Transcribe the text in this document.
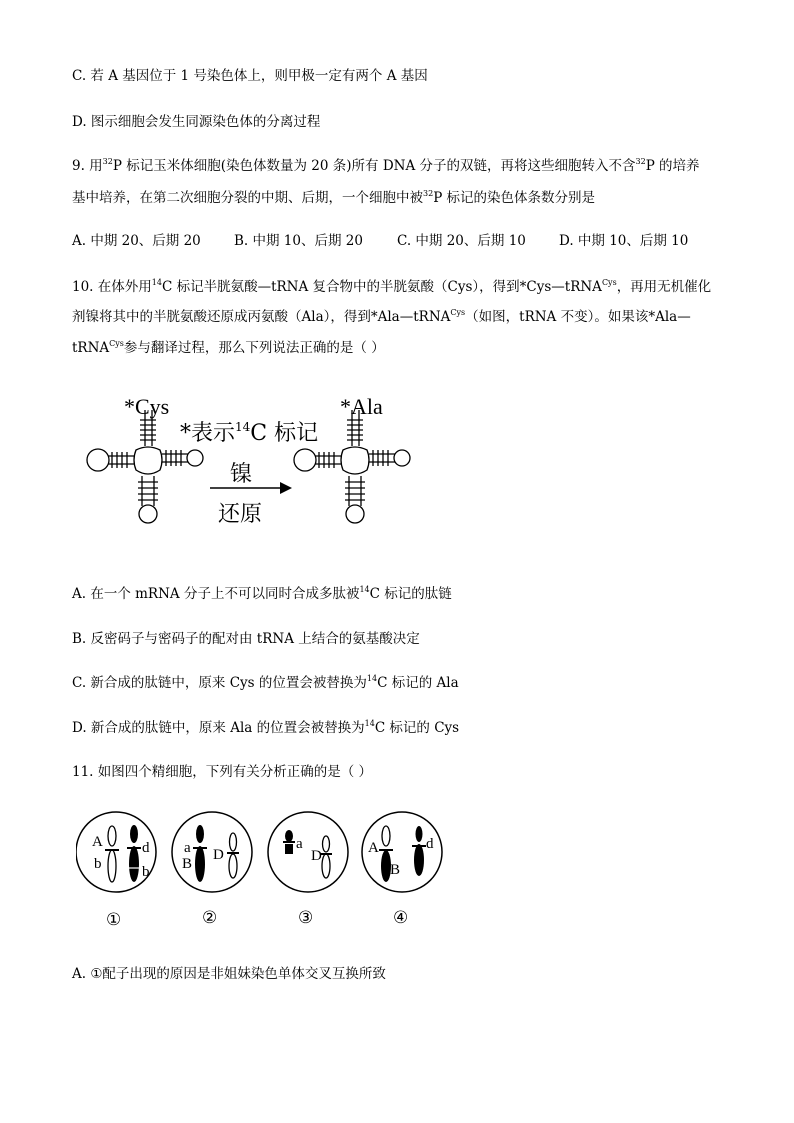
C. 若 A 基因位于 1 号染色体上，则甲极一定有两个 A 基因
D. 图示细胞会发生同源染色体的分离过程
9. 用$^{32}$P 标记玉米体细胞(染色体数量为 20 条)所有 DNA 分子的双链，再将这些细胞转入不含$^{32}$P 的培养
基中培养，在第二次细胞分裂的中期、后期，一个细胞中被$^{32}$P 标记的染色体条数分别是
A. 中期 20、后期 20 B. 中期 10、后期 20	C. 中期 20、后期 10 D. 中期 10、后期 10
10. 在体外用$^{14}$C 标记半胱氨酸—tRNA 复合物中的半胱氨酸（Cys），得到*Cys—tRNA$^{Cys}$，再用无机催化
剂镍将其中的半胱氨酸还原成丙氨酸（Ala），得到*Ala—tRNA$^{Cys}$（如图，tRNA 不变）。如果该*Ala—
tRNA$^{Cys}$参与翻译过程，那么下列说法正确的是（ ）
*Cys
*表示$^{14}$C 标记
镍
还原
*Ala
A. 在一个 mRNA 分子上不可以同时合成多肽被$^{14}$C 标记的肽链
B. 反密码子与密码子的配对由 tRNA 上结合的氨基酸决定
C. 新合成的肽链中，原来 Cys 的位置会被替换为$^{14}$C 标记的 Ala
D. 新合成的肽链中，原来 Ala 的位置会被替换为$^{14}$C 标记的 Cys
11. 如图四个精细胞，下列有关分析正确的是（ ）
A
b
d
b
a
B
D
a
D	A
B
d
①	②	③	④
A. ①配子出现的原因是非姐妹染色单体交叉互换所致
